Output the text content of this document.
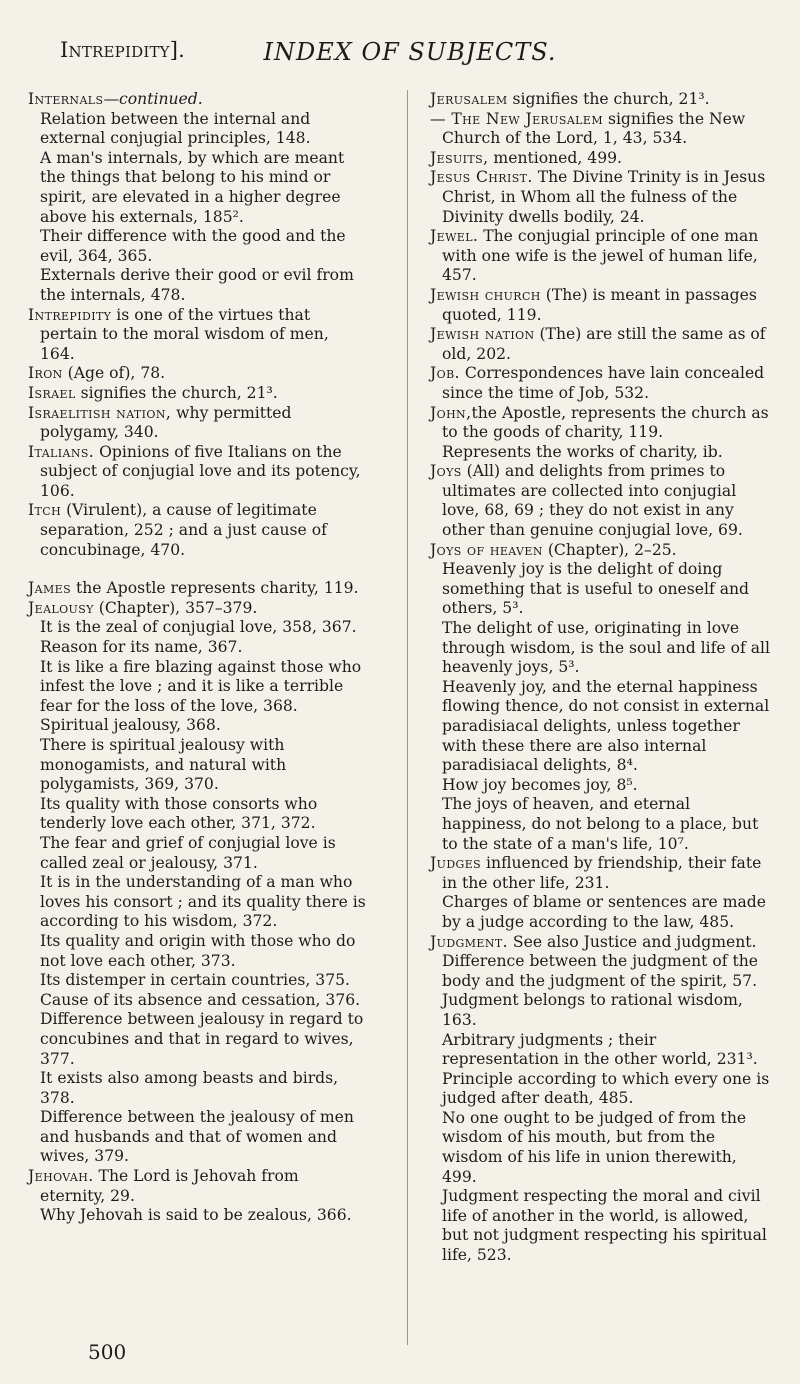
Intrepidity].	INDEX OF SUBJECTS.

Internals—continued.

Relation between the internal and external conjugial principles, 148.

A man's internals, by which are meant the things that belong to his mind or spirit, are elevated in a higher degree above his externals, 185².

Their difference with the good and the evil, 364, 365.

Externals derive their good or evil from the internals, 478.

Intrepidity is one of the virtues that pertain to the moral wisdom of men, 164.

Iron (Age of), 78.

Israel signifies the church, 21³.

Israelitish nation, why permitted polygamy, 340.

Italians. Opinions of five Italians on the subject of conjugial love and its potency, 106.

Itch (Virulent), a cause of legitimate separation, 252 ; and a just cause of concubinage, 470.

James the Apostle represents charity, 119.

Jealousy (Chapter), 357–379.

It is the zeal of conjugial love, 358, 367.

Reason for its name, 367.

It is like a fire blazing against those who infest the love ; and it is like a terrible fear for the loss of the love, 368.

Spiritual jealousy, 368.

There is spiritual jealousy with monogamists, and natural with polygamists, 369, 370.

Its quality with those consorts who tenderly love each other, 371, 372.

The fear and grief of conjugial love is called zeal or jealousy, 371.

It is in the understanding of a man who loves his consort ; and its quality there is according to his wisdom, 372.

Its quality and origin with those who do not love each other, 373.

Its distemper in certain countries, 375.

Cause of its absence and cessation, 376.

Difference between jealousy in regard to concubines and that in regard to wives, 377.

It exists also among beasts and birds, 378.

Difference between the jealousy of men and husbands and that of women and wives, 379.

Jehovah. The Lord is Jehovah from eternity, 29.

Why Jehovah is said to be zealous, 366.

Jerusalem signifies the church, 21³.

— The New Jerusalem signifies the New Church of the Lord, 1, 43, 534.

Jesuits, mentioned, 499.

Jesus Christ. The Divine Trinity is in Jesus Christ, in Whom all the fulness of the Divinity dwells bodily, 24.

Jewel. The conjugial principle of one man with one wife is the jewel of human life, 457.

Jewish church (The) is meant in passages quoted, 119.

Jewish nation (The) are still the same as of old, 202.

Job. Correspondences have lain concealed since the time of Job, 532.

John,the Apostle, represents the church as to the goods of charity, 119.

Represents the works of charity, ib.

Joys (All) and delights from primes to ultimates are collected into conjugial love, 68, 69 ; they do not exist in any other than genuine conjugial love, 69.

Joys of heaven (Chapter), 2–25.

Heavenly joy is the delight of doing something that is useful to oneself and others, 5³.

The delight of use, originating in love through wisdom, is the soul and life of all heavenly joys, 5³.

Heavenly joy, and the eternal happiness flowing thence, do not consist in external paradisiacal delights, unless together with these there are also internal paradisiacal delights, 8⁴.

How joy becomes joy, 8⁵.

The joys of heaven, and eternal happiness, do not belong to a place, but to the state of a man's life, 10⁷.

Judges influenced by friendship, their fate in the other life, 231.

Charges of blame or sentences are made by a judge according to the law, 485.

Judgment. See also Justice and judgment. Difference between the judgment of the body and the judgment of the spirit, 57.

Judgment belongs to rational wisdom, 163.

Arbitrary judgments ; their representation in the other world, 231³.

Principle according to which every one is judged after death, 485.

No one ought to be judged of from the wisdom of his mouth, but from the wisdom of his life in union therewith, 499.

Judgment respecting the moral and civil life of another in the world, is allowed, but not judgment respecting his spiritual life, 523.

500
